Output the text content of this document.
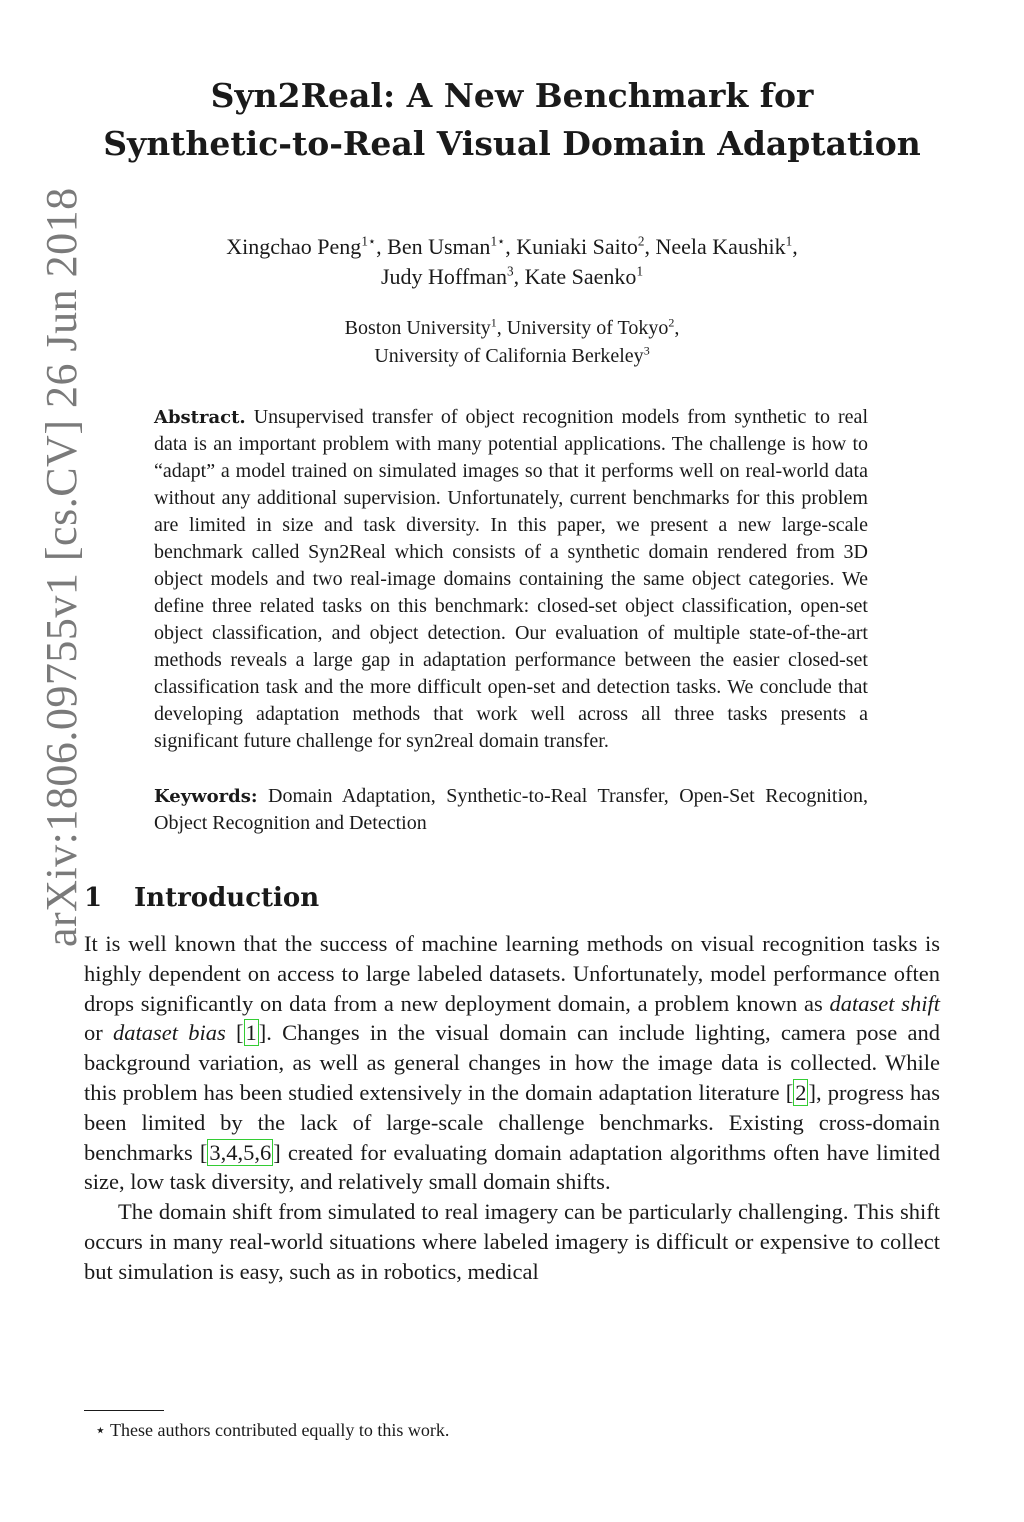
arXiv:1806.09755v1 [cs.CV] 26 Jun 2018
Syn2Real: A New Benchmark for
Synthetic-to-Real Visual Domain Adaptation
Xingchao Peng$^{1⋆}$, Ben Usman$^{1⋆}$, Kuniaki Saito$^2$, Neela Kaushik$^1$,
Judy Hoffman$^3$, Kate Saenko$^1$
Boston University$^1$, University of Tokyo$^2$,
University of California Berkeley$^3$
Abstract. Unsupervised transfer of object recognition models from synthetic to real data is an important problem with many potential applications. The challenge is how to “adapt” a model trained on simulated images so that it performs well on real-world data without any additional supervision. Unfortunately, current benchmarks for this problem are limited in size and task diversity. In this paper, we present a new large-scale benchmark called Syn2Real which consists of a synthetic domain rendered from 3D object models and two real-image domains containing the same object categories. We define three related tasks on this benchmark: closed-set object classification, open-set object classification, and object detection. Our evaluation of multiple state-of-the-art methods reveals a large gap in adaptation performance between the easier closed-set classification task and the more difficult open-set and detection tasks. We conclude that developing adaptation methods that work well across all three tasks presents a significant future challenge for syn2real domain transfer.
Keywords: Domain Adaptation, Synthetic-to-Real Transfer, Open-Set Recognition, Object Recognition and Detection
1 Introduction

It is well known that the success of machine learning methods on visual recognition tasks is highly dependent on access to large labeled datasets. Unfortunately, model performance often drops significantly on data from a new deployment domain, a problem known as dataset shift or dataset bias [1]. Changes in the visual domain can include lighting, camera pose and background variation, as well as general changes in how the image data is collected. While this problem has been studied extensively in the domain adaptation literature [2], progress has been limited by the lack of large-scale challenge benchmarks. Existing cross-domain benchmarks [3,4,5,6] created for evaluating domain adaptation algorithms often have limited size, low task diversity, and relatively small domain shifts.

The domain shift from simulated to real imagery can be particularly challenging. This shift occurs in many real-world situations where labeled imagery is difficult or expensive to collect but simulation is easy, such as in robotics, medical

⋆ These authors contributed equally to this work.
